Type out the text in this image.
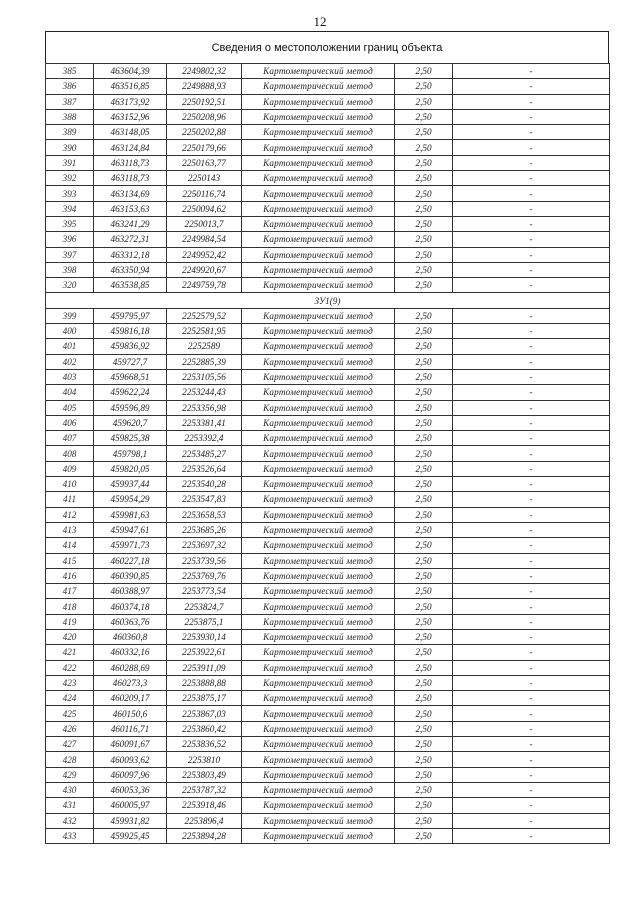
12
Сведения о местоположении границ объекта
385	463604,39	2249802,32	Картометрический метод	2,50	-
386	463516,85	2249888,93	Картометрический метод	2,50	-
387	463173,92	2250192,51	Картометрический метод	2,50	-
388	463152,96	2250208,96	Картометрический метод	2,50	-
389	463148,05	2250202,88	Картометрический метод	2,50	-
390	463124,84	2250179,66	Картометрический метод	2,50	-
391	463118,73	2250163,77	Картометрический метод	2,50	-
392	463118,73	2250143	Картометрический метод	2,50	-
393	463134,69	2250116,74	Картометрический метод	2,50	-
394	463153,63	2250094,62	Картометрический метод	2,50	-
395	463241,29	2250013,7	Картометрический метод	2,50	-
396	463272,31	2249984,54	Картометрический метод	2,50	-
397	463312,18	2249952,42	Картометрический метод	2,50	-
398	463350,94	2249920,67	Картометрический метод	2,50	-
320	463538,85	2249759,78	Картометрический метод	2,50	-
ЗУ1(9)					
399	459795,97	2252579,52	Картометрический метод	2,50	-
400	459816,18	2252581,95	Картометрический метод	2,50	-
401	459836,92	2252589	Картометрический метод	2,50	-
402	459727,7	2252885,39	Картометрический метод	2,50	-
403	459668,51	2253105,56	Картометрический метод	2,50	-
404	459622,24	2253244,43	Картометрический метод	2,50	-
405	459596,89	2253356,98	Картометрический метод	2,50	-
406	459620,7	2253381,41	Картометрический метод	2,50	-
407	459825,38	2253392,4	Картометрический метод	2,50	-
408	459798,1	2253485,27	Картометрический метод	2,50	-
409	459820,05	2253526,64	Картометрический метод	2,50	-
410	459937,44	2253540,28	Картометрический метод	2,50	-
411	459954,29	2253547,83	Картометрический метод	2,50	-
412	459981,63	2253658,53	Картометрический метод	2,50	-
413	459947,61	2253685,26	Картометрический метод	2,50	-
414	459971,73	2253697,32	Картометрический метод	2,50	-
415	460227,18	2253739,56	Картометрический метод	2,50	-
416	460390,85	2253769,76	Картометрический метод	2,50	-
417	460388,97	2253773,54	Картометрический метод	2,50	-
418	460374,18	2253824,7	Картометрический метод	2,50	-
419	460363,76	2253875,1	Картометрический метод	2,50	-
420	460360,8	2253930,14	Картометрический метод	2,50	-
421	460332,16	2253922,61	Картометрический метод	2,50	-
422	460288,69	2253911,09	Картометрический метод	2,50	-
423	460273,3	2253888,88	Картометрический метод	2,50	-
424	460209,17	2253875,17	Картометрический метод	2,50	-
425	460150,6	2253867,03	Картометрический метод	2,50	-
426	460116,71	2253860,42	Картометрический метод	2,50	-
427	460091,67	2253836,52	Картометрический метод	2,50	-
428	460093,62	2253810	Картометрический метод	2,50	-
429	460097,96	2253803,49	Картометрический метод	2,50	-
430	460053,36	2253787,32	Картометрический метод	2,50	-
431	460005,97	2253918,46	Картометрический метод	2,50	-
432	459931,82	2253896,4	Картометрический метод	2,50	-
433	459925,45	2253894,28	Картометрический метод	2,50	-
